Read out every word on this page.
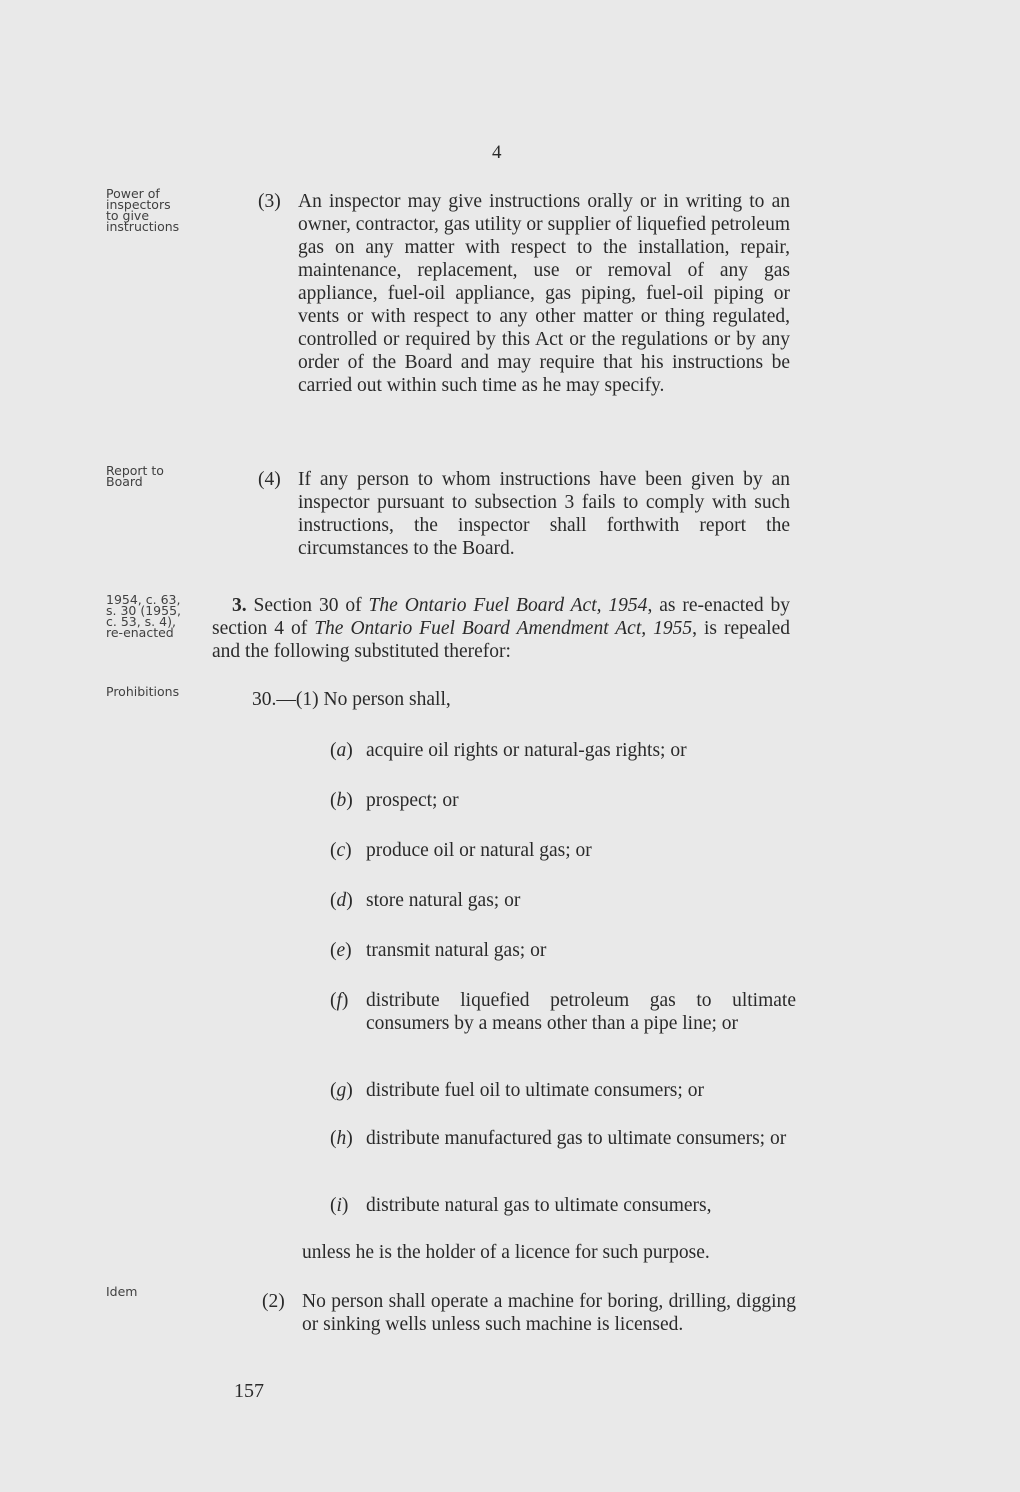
4
Power of
inspectors
to give
instructions
Report to
Board
1954, c. 63,
s. 30 (1955,
c. 53, s. 4),
re-enacted
Prohibitions
Idem
(3) An inspector may give instructions orally or in writing to an owner, contractor, gas utility or supplier of liquefied petroleum gas on any matter with respect to the installation, repair, maintenance, replacement, use or removal of any gas appliance, fuel-oil appliance, gas piping, fuel-oil piping or vents or with respect to any other matter or thing regulated, controlled or required by this Act or the regulations or by any order of the Board and may require that his instructions be carried out within such time as he may specify.
(4) If any person to whom instructions have been given by an inspector pursuant to subsection 3 fails to comply with such instructions, the inspector shall forthwith report the circumstances to the Board.
3. Section 30 of The Ontario Fuel Board Act, 1954, as re-enacted by section 4 of The Ontario Fuel Board Amendment Act, 1955, is repealed and the following substituted therefor:
30.—(1) No person shall,
(a) acquire oil rights or natural-gas rights; or
(b) prospect; or
(c) produce oil or natural gas; or
(d) store natural gas; or
(e) transmit natural gas; or
(f) distribute liquefied petroleum gas to ultimate consumers by a means other than a pipe line; or
(g) distribute fuel oil to ultimate consumers; or
(h) distribute manufactured gas to ultimate consumers; or
(i) distribute natural gas to ultimate consumers,
unless he is the holder of a licence for such purpose.
(2) No person shall operate a machine for boring, drilling, digging or sinking wells unless such machine is licensed.
157
